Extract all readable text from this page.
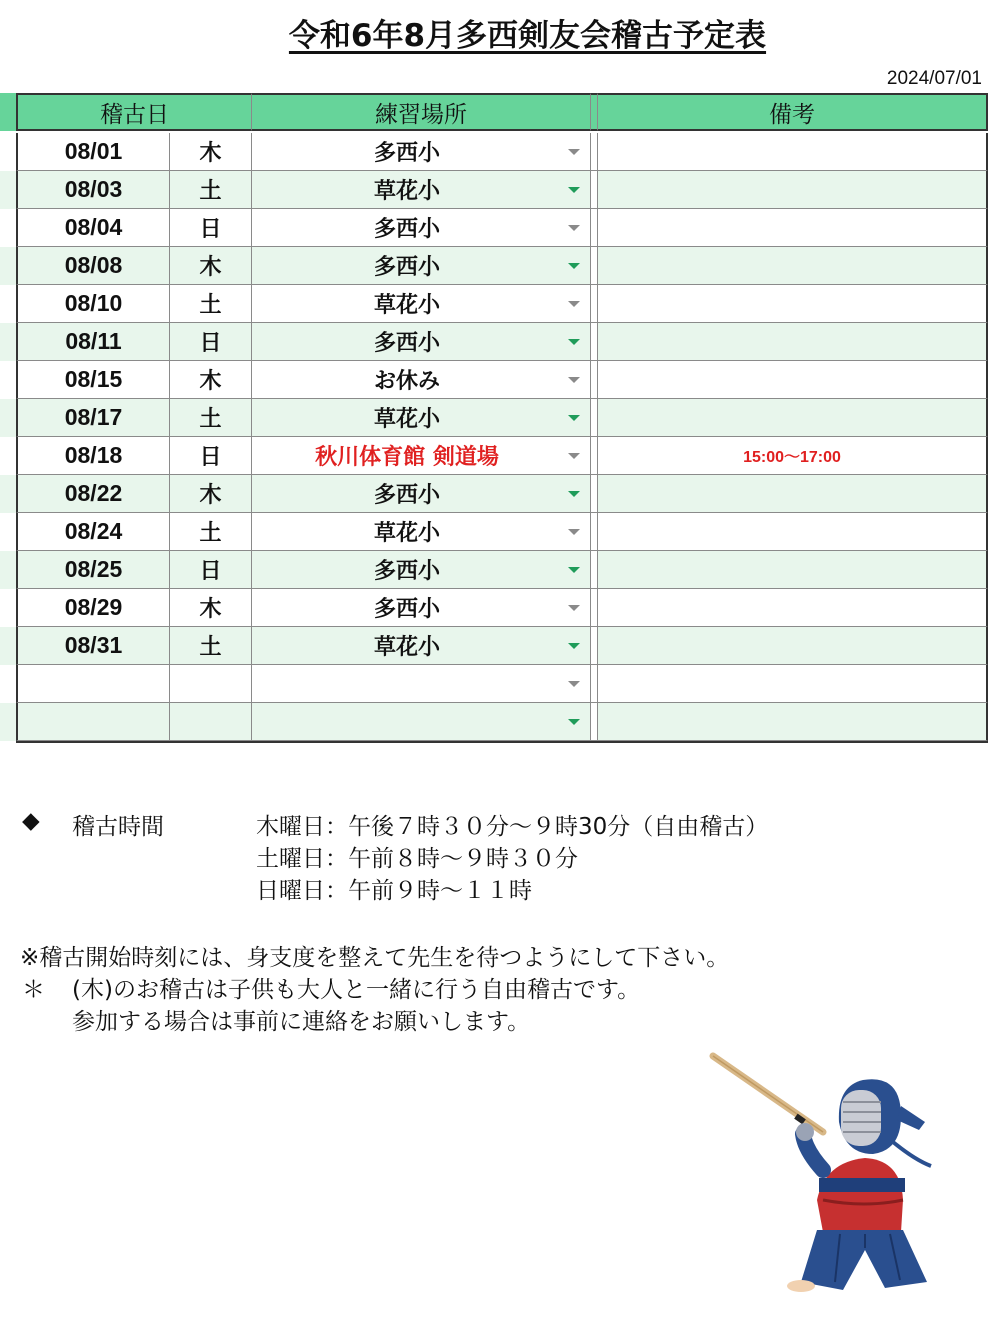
令和6年8月多西剣友会稽古予定表
2024/07/01
稽古日	練習場所	備考
08/01	木	多西小
08/03	土	草花小
08/04	日	多西小
08/08	木	多西小
08/10	土	草花小
08/11	日	多西小
08/15	木	お休み
08/17	土	草花小
08/18	日	秋川体育館 剣道場	15:00〜17:00
08/22	木	多西小
08/24	土	草花小
08/25	日	多西小
08/29	木	多西小
08/31	土	草花小
◆ 稽古時間	木曜日：午後７時３０分〜９時30分（自由稽古）
土曜日：午前８時〜９時３０分
日曜日：午前９時〜１１時
※稽古開始時刻には、身支度を整えて先生を待つようにして下さい。
＊ (木)のお稽古は子供も大人と一緒に行う自由稽古です。
参加する場合は事前に連絡をお願いします。
